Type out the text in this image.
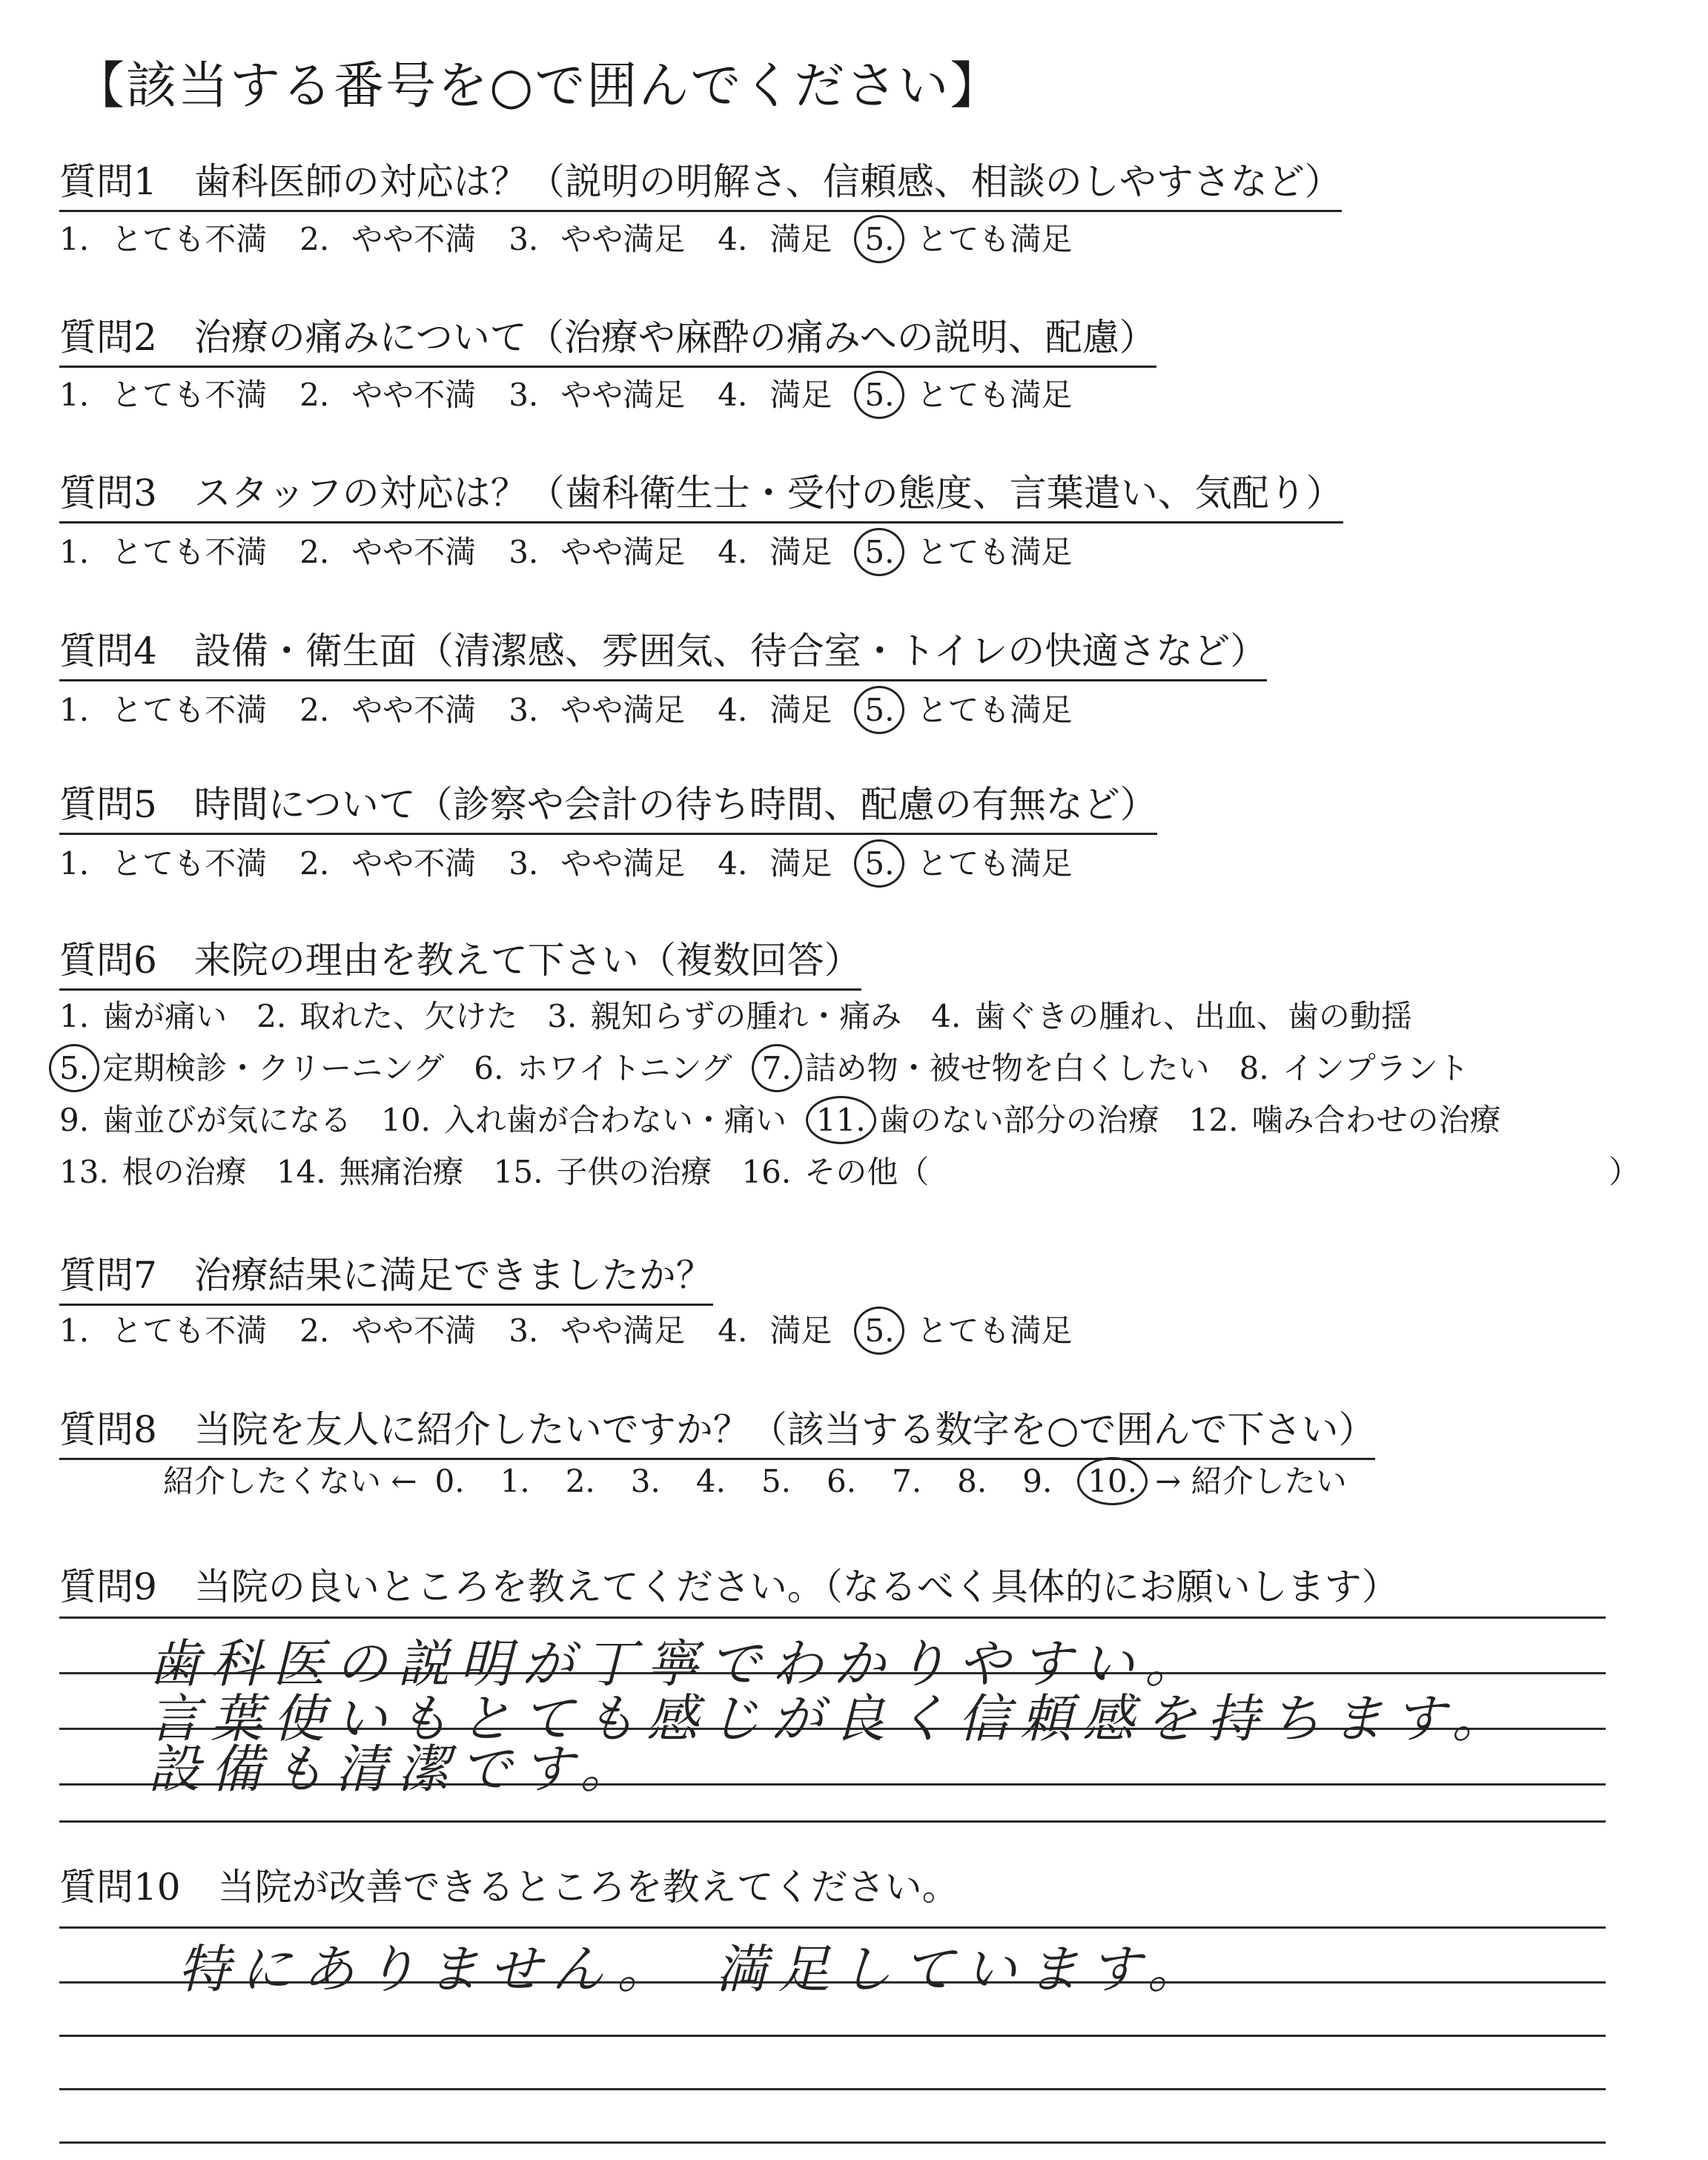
【該当する番号を○で囲んでください】
質問1　歯科医師の対応は？（説明の明解さ、信頼感、相談のしやすさなど）
1. とても不満 2. やや不満 3. やや満足 4. 満足 5. とても満足
質問2　治療の痛みについて（治療や麻酔の痛みへの説明、配慮）
1. とても不満 2. やや不満 3. やや満足 4. 満足 5. とても満足
質問3　スタッフの対応は？（歯科衛生士・受付の態度、言葉遣い、気配り）
1. とても不満 2. やや不満 3. やや満足 4. 満足 5. とても満足
質問4　設備・衛生面（清潔感、雰囲気、待合室・トイレの快適さなど）
1. とても不満 2. やや不満 3. やや満足 4. 満足 5. とても満足
質問5　時間について（診察や会計の待ち時間、配慮の有無など）
1. とても不満 2. やや不満 3. やや満足 4. 満足 5. とても満足
質問7　治療結果に満足できましたか？
1. とても不満 2. やや不満 3. やや満足 4. 満足 5. とても満足
質問6　来院の理由を教えて下さい（複数回答）
1. 歯が痛い 2. 取れた、欠けた 3. 親知らずの腫れ・痛み 4. 歯ぐきの腫れ、出血、歯の動揺
5. 定期検診・クリーニング 6. ホワイトニング 7. 詰め物・被せ物を白くしたい 8. インプラント
9. 歯並びが気になる 10. 入れ歯が合わない・痛い 11. 歯のない部分の治療 12. 噛み合わせの治療
13. 根の治療 14. 無痛治療 15. 子供の治療 16. その他（	）
質問8　当院を友人に紹介したいですか？（該当する数字を○で囲んで下さい）
紹介したくない ← 0. 1. 2. 3. 4. 5. 6. 7. 8. 9. 10. → 紹介したい
質問9　当院の良いところを教えてください。（なるべく具体的にお願いします）
歯科医の説明が丁寧でわかりやすい。
言葉使いもとても感じが良く信頼感を持ちます。
設備も清潔です。
質問10　当院が改善できるところを教えてください。
特にありません。　満足しています。
